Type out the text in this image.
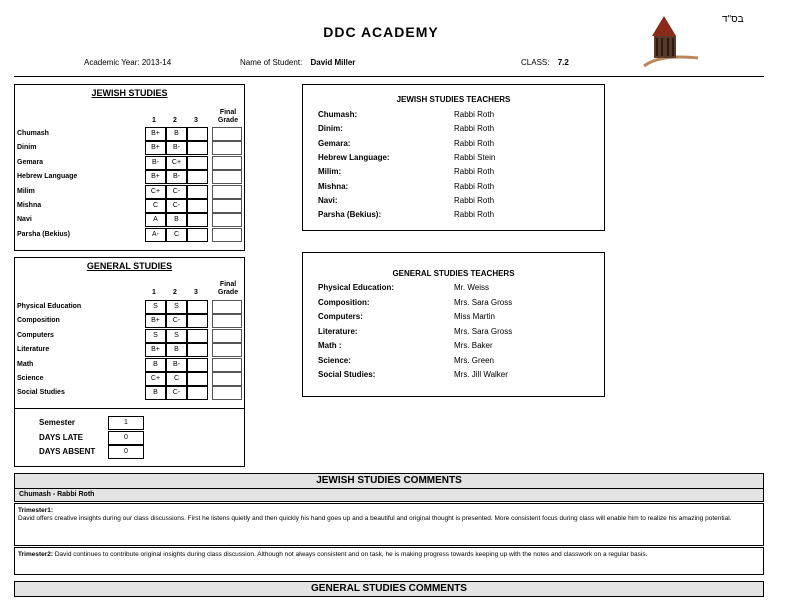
DDC ACADEMY
בס"ד
Academic Year: 2013-14	Name of Student: David Miller	CLASS: 7.2
JEWISH STUDIES
1 2 3
Final Grade
Chumash	B+	B
Dinim	B+	B-
Gemara	B-	C+
Hebrew Language	B+	B-
Milim	C+	C-
Mishna	C	C-
Navi	A	B
Parsha (Bekius)	A-	C
GENERAL STUDIES
1 2 3
Final Grade
Physical Education	S	S
Composition	B+	C-
Computers	S	S
Literature	B+	B
Math	B	B-
Science	C+	C
Social Studies	B	C-
Semester	1
DAYS LATE	0
DAYS ABSENT	0
JEWISH STUDIES TEACHERS
Chumash:	Rabbi Roth
Dinim:	Rabbi Roth
Gemara:	Rabbi Roth
Hebrew Language:	Rabbi Stein
Milim:	Rabbi Roth
Mishna:	Rabbi Roth
Navi:	Rabbi Roth
Parsha (Bekius):	Rabbi Roth
GENERAL STUDIES TEACHERS
Physical Education:	Mr. Weiss
Composition:	Mrs. Sara Gross
Computers:	Miss Martin
Literature:	Mrs. Sara Gross
Math :	Mrs. Baker
Science:	Mrs. Green
Social Studies:	Mrs. Jill Walker
JEWISH STUDIES COMMENTS
Chumash - Rabbi Roth
Trimester1:
David offers creative insights during our class discussions. First he listens quietly and then quickly his hand goes up and a beautiful and original thought is presented. More consistent focus during class will enable him to realize his amazing potential.
Trimester2: David continues to contribute original insights during class discussion. Although not always consistent and on task, he is making progress towards keeping up with the notes and classwork on a regular basis.
GENERAL STUDIES COMMENTS
